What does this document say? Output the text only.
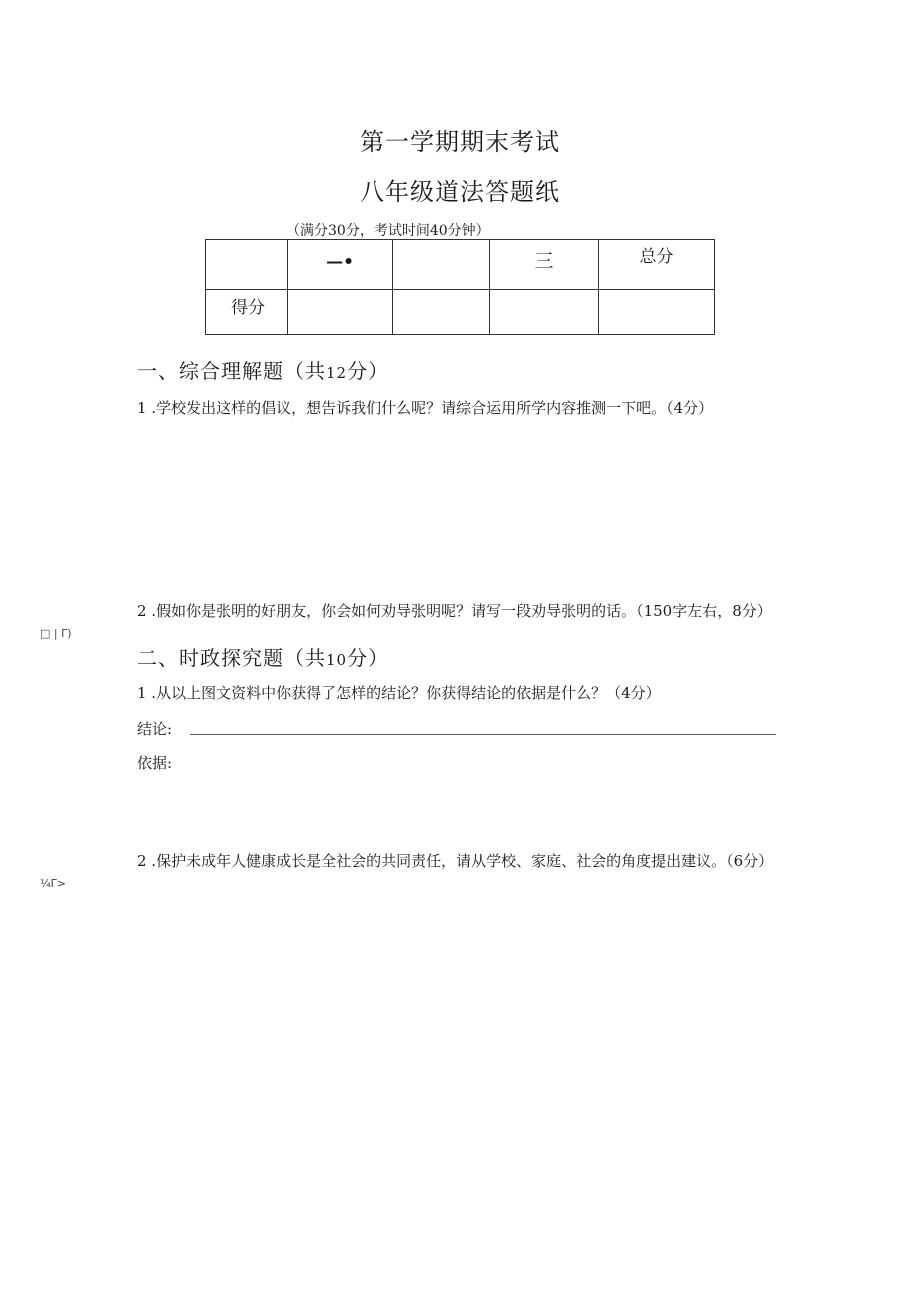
第一学期期末考试
八年级道法答题纸
（满分30分，考试时间40分钟）
	—•		三	总分
得分				
一、综合理解题（共12分）
1 .学校发出这样的倡议，想告诉我们什么呢？请综合运用所学内容推测一下吧。（4分）
2 .假如你是张明的好朋友，你会如何劝导张明呢？请写一段劝导张明的话。（150字左右，8分）
□ | Γ)
二、时政探究题（共10分）
1 .从以上图文资料中你获得了怎样的结论？你获得结论的依据是什么？（4分）
结论:
依据:
2 .保护未成年人健康成长是全社会的共同责任，请从学校、家庭、社会的角度提出建议。（6分）
¼Γ>
